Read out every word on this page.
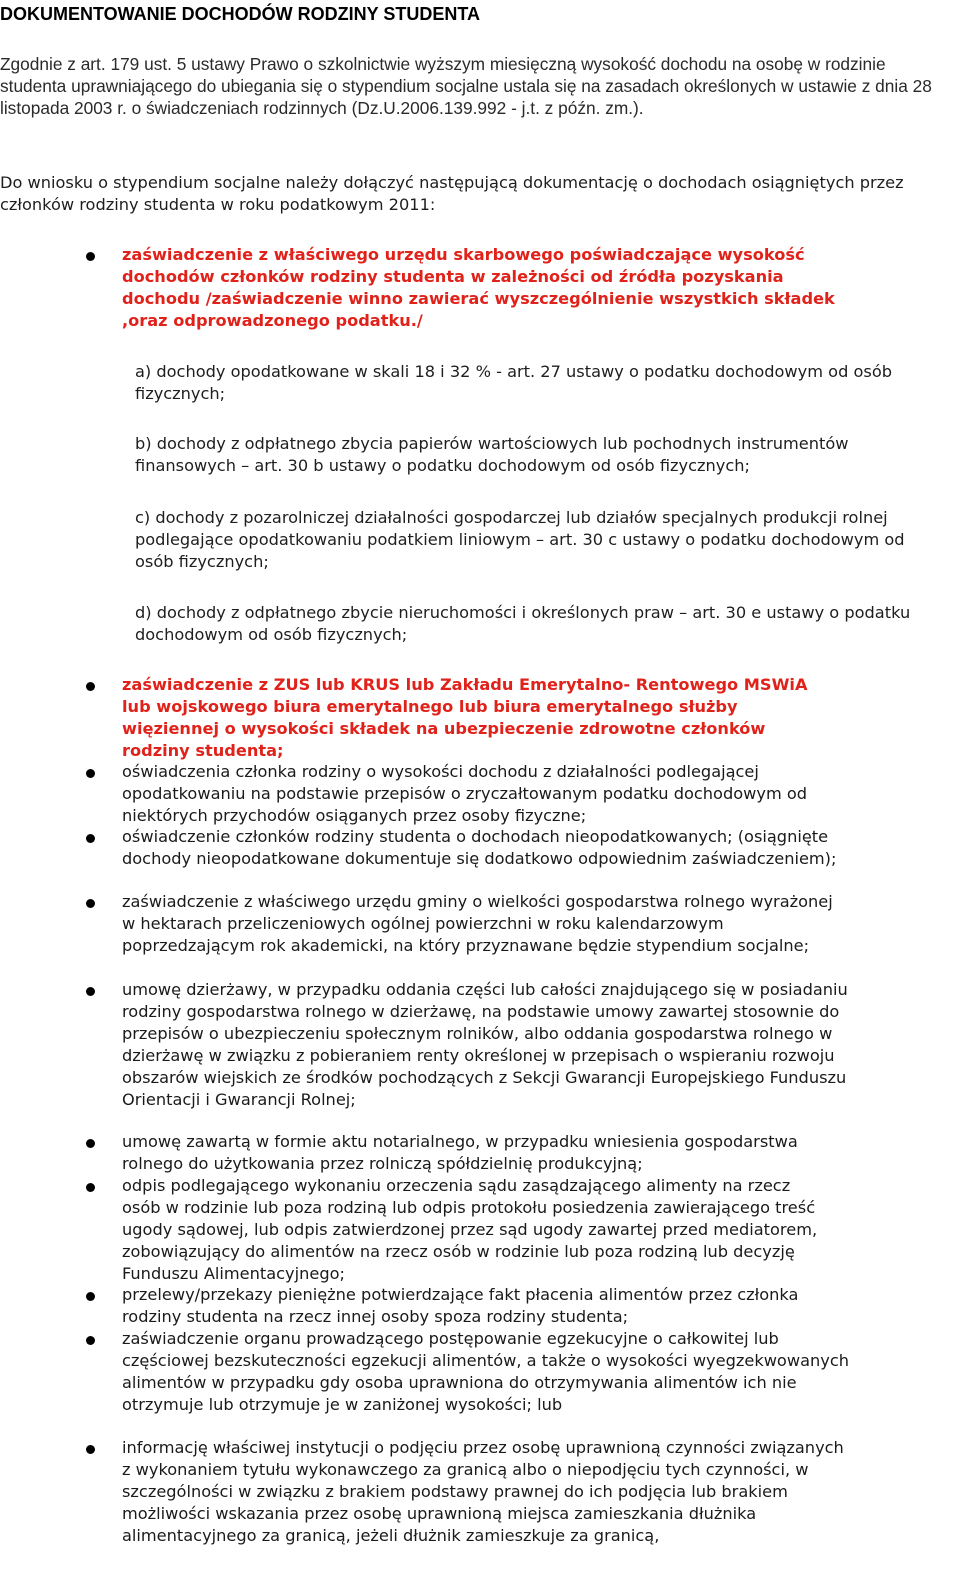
DOKUMENTOWANIE DOCHODÓW RODZINY STUDENTA
Zgodnie z art. 179 ust. 5 ustawy Prawo o szkolnictwie wyższym miesięczną wysokość dochodu na osobę w rodzinie studenta uprawniającego do ubiegania się o stypendium socjalne ustala się na zasadach określonych w ustawie z dnia 28 listopada 2003 r. o świadczeniach rodzinnych (Dz.U.2006.139.992 - j.t. z późn. zm.).
Do wniosku o stypendium socjalne należy dołączyć następującą dokumentację o dochodach osiągniętych przez członków rodziny studenta w roku podatkowym 2011:
zaświadczenie z właściwego urzędu skarbowego poświadczające wysokość dochodów członków rodziny studenta w zależności od źródła pozyskania dochodu /zaświadczenie winno zawierać wyszczególnienie wszystkich składek ,oraz odprowadzonego podatku./
a) dochody opodatkowane w skali 18 i 32 % - art. 27 ustawy o podatku dochodowym od osób fizycznych;
b) dochody z odpłatnego zbycia papierów wartościowych lub pochodnych instrumentów finansowych – art. 30 b ustawy o podatku dochodowym od osób fizycznych;
c) dochody z pozarolniczej działalności gospodarczej lub działów specjalnych produkcji rolnej podlegające opodatkowaniu podatkiem liniowym – art. 30 c ustawy o podatku dochodowym od osób fizycznych;
d) dochody z odpłatnego zbycie nieruchomości i określonych praw – art. 30 e ustawy o podatku dochodowym od osób fizycznych;
zaświadczenie z ZUS lub KRUS lub Zakładu Emerytalno- Rentowego MSWiA lub wojskowego biura emerytalnego lub biura emerytalnego służby więziennej o wysokości składek na ubezpieczenie zdrowotne członków rodziny studenta;
oświadczenia członka rodziny o wysokości dochodu z działalności podlegającej opodatkowaniu na podstawie przepisów o zryczałtowanym podatku dochodowym od niektórych przychodów osiąganych przez osoby fizyczne;
oświadczenie członków rodziny studenta o dochodach nieopodatkowanych; (osiągnięte dochody nieopodatkowane dokumentuje się dodatkowo odpowiednim zaświadczeniem);
zaświadczenie z właściwego urzędu gminy o wielkości gospodarstwa rolnego wyrażonej w hektarach przeliczeniowych ogólnej powierzchni w roku kalendarzowym poprzedzającym rok akademicki, na który przyznawane będzie stypendium socjalne;
umowę dzierżawy, w przypadku oddania części lub całości znajdującego się w posiadaniu rodziny gospodarstwa rolnego w dzierżawę, na podstawie umowy zawartej stosownie do przepisów o ubezpieczeniu społecznym rolników, albo oddania gospodarstwa rolnego w dzierżawę w związku z pobieraniem renty określonej w przepisach o wspieraniu rozwoju obszarów wiejskich ze środków pochodzących z Sekcji Gwarancji Europejskiego Funduszu Orientacji i Gwarancji Rolnej;
umowę zawartą w formie aktu notarialnego, w przypadku wniesienia gospodarstwa rolnego do użytkowania przez rolniczą spółdzielnię produkcyjną;
odpis podlegającego wykonaniu orzeczenia sądu zasądzającego alimenty na rzecz osób w rodzinie lub poza rodziną lub odpis protokołu posiedzenia zawierającego treść ugody sądowej, lub odpis zatwierdzonej przez sąd ugody zawartej przed mediatorem, zobowiązujący do alimentów na rzecz osób w rodzinie lub poza rodziną lub decyzję Funduszu Alimentacyjnego;
przelewy/przekazy pieniężne potwierdzające fakt płacenia alimentów przez członka rodziny studenta na rzecz innej osoby spoza rodziny studenta;
zaświadczenie organu prowadzącego postępowanie egzekucyjne o całkowitej lub częściowej bezskuteczności egzekucji alimentów, a także o wysokości wyegzekwowanych alimentów w przypadku gdy osoba uprawniona do otrzymywania alimentów ich nie otrzymuje lub otrzymuje je w zaniżonej wysokości; lub
informację właściwej instytucji o podjęciu przez osobę uprawnioną czynności związanych z wykonaniem tytułu wykonawczego za granicą albo o niepodjęciu tych czynności, w szczególności w związku z brakiem podstawy prawnej do ich podjęcia lub brakiem możliwości wskazania przez osobę uprawnioną miejsca zamieszkania dłużnika alimentacyjnego za granicą, jeżeli dłużnik zamieszkuje za granicą,
